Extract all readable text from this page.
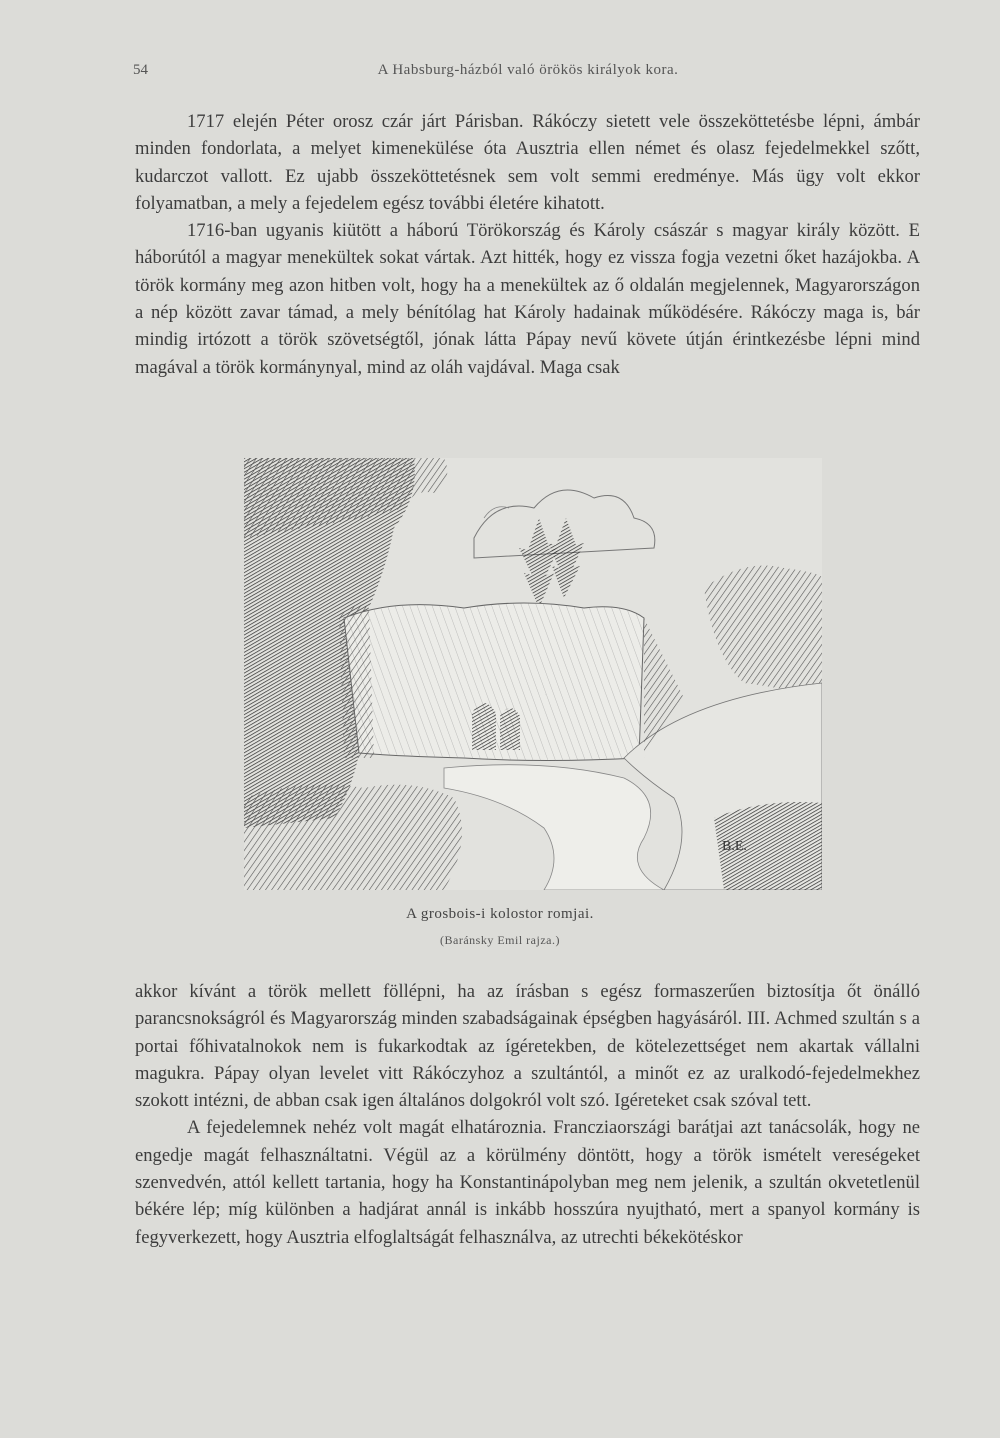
54	A Habsburg-házból való örökös királyok kora.

1717 elején Péter orosz czár járt Párisban. Rákóczy sietett vele összeköttetésbe lépni, ámbár minden fondorlata, a melyet kimenekülése óta Ausztria ellen német és olasz fejedelmekkel szőtt, kudarczot vallott. Ez ujabb összeköttetésnek sem volt semmi eredménye. Más ügy volt ekkor folyamatban, a mely a fejedelem egész további életére kihatott.

1716-ban ugyanis kiütött a háború Törökország és Károly császár s magyar király között. E háborútól a magyar menekültek sokat vártak. Azt hitték, hogy ez vissza fogja vezetni őket hazájokba. A török kormány meg azon hitben volt, hogy ha a menekültek az ő oldalán megjelennek, Magyarországon a nép között zavar támad, a mely bénítólag hat Károly hadainak működésére. Rákóczy maga is, bár mindig irtózott a török szövetségtől, jónak látta Pápay nevű követe útján érintkezésbe lépni mind magával a török kormánynyal, mind az oláh vajdával. Maga csak

B.E.
A grosbois-i kolostor romjai.
(Baránsky Emil rajza.)

akkor kívánt a török mellett föllépni, ha az írásban s egész formaszerűen biztosítja őt önálló parancsnokságról és Magyarország minden szabadságainak épségben hagyásáról. III. Achmed szultán s a portai főhivatalnokok nem is fukarkodtak az ígéretekben, de kötelezettséget nem akartak vállalni magukra. Pápay olyan levelet vitt Rákóczyhoz a szultántól, a minőt ez az uralkodó-fejedelmekhez szokott intézni, de abban csak igen általános dolgokról volt szó. Igéreteket csak szóval tett.

A fejedelemnek nehéz volt magát elhatároznia. Francziaországi barátjai azt tanácsolák, hogy ne engedje magát felhasználtatni. Végül az a körülmény döntött, hogy a török ismételt vereségeket szenvedvén, attól kellett tartania, hogy ha Konstantinápolyban meg nem jelenik, a szultán okvetetlenül békére lép; míg különben a hadjárat annál is inkább hosszúra nyujtható, mert a spanyol kormány is fegyverkezett, hogy Ausztria elfoglaltságát felhasználva, az utrechti békekötéskor
